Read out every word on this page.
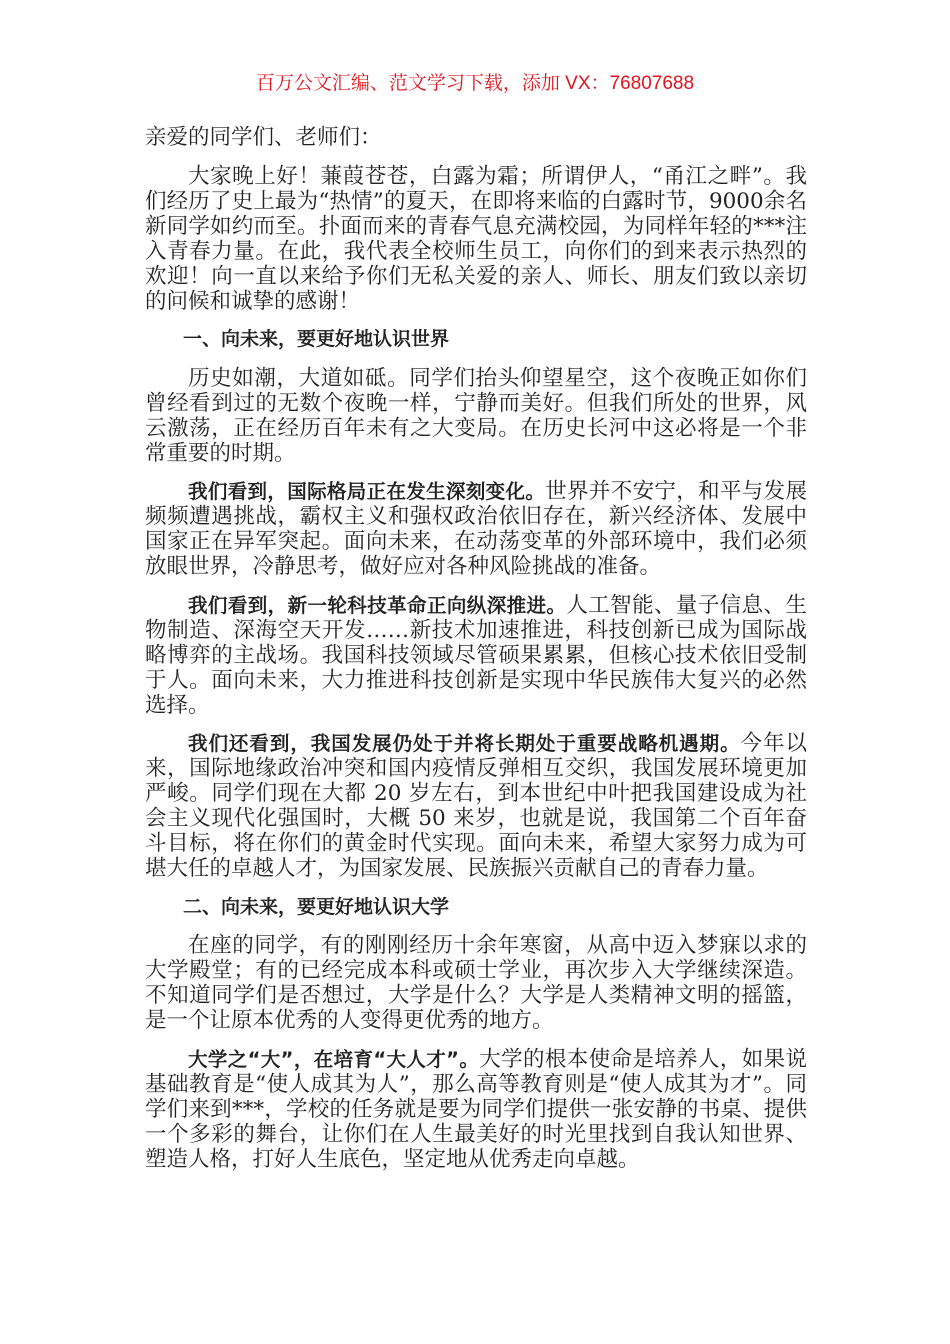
百万公文汇编、范文学习下载，添加 VX：76807688

亲爱的同学们、老师们：

大家晚上好！蒹葭苍苍，白露为霜；所谓伊人，“甬江之畔”。我们经历了史上最为“热情”的夏天，在即将来临的白露时节，9000余名新同学如约而至。扑面而来的青春气息充满校园，为同样年轻的***注入青春力量。在此，我代表全校师生员工，向你们的到来表示热烈的欢迎！向一直以来给予你们无私关爱的亲人、师长、朋友们致以亲切的问候和诚挚的感谢！

一、向未来，要更好地认识世界

历史如潮，大道如砥。同学们抬头仰望星空，这个夜晚正如你们曾经看到过的无数个夜晚一样，宁静而美好。但我们所处的世界，风云激荡，正在经历百年未有之大变局。在历史长河中这必将是一个非常重要的时期。

我们看到，国际格局正在发生深刻变化。世界并不安宁，和平与发展频频遭遇挑战，霸权主义和强权政治依旧存在，新兴经济体、发展中国家正在异军突起。面向未来，在动荡变革的外部环境中，我们必须放眼世界，冷静思考，做好应对各种风险挑战的准备。

我们看到，新一轮科技革命正向纵深推进。人工智能、量子信息、生物制造、深海空天开发……新技术加速推进，科技创新已成为国际战略博弈的主战场。我国科技领域尽管硕果累累，但核心技术依旧受制于人。面向未来，大力推进科技创新是实现中华民族伟大复兴的必然选择。

我们还看到，我国发展仍处于并将长期处于重要战略机遇期。今年以来，国际地缘政治冲突和国内疫情反弹相互交织，我国发展环境更加严峻。同学们现在大都 20 岁左右，到本世纪中叶把我国建设成为社会主义现代化强国时，大概 50 来岁，也就是说，我国第二个百年奋斗目标，将在你们的黄金时代实现。面向未来，希望大家努力成为可堪大任的卓越人才，为国家发展、民族振兴贡献自己的青春力量。

二、向未来，要更好地认识大学

在座的同学，有的刚刚经历十余年寒窗，从高中迈入梦寐以求的大学殿堂；有的已经完成本科或硕士学业，再次步入大学继续深造。不知道同学们是否想过，大学是什么？大学是人类精神文明的摇篮，是一个让原本优秀的人变得更优秀的地方。

大学之“大”，在培育“大人才”。大学的根本使命是培养人，如果说基础教育是“使人成其为人”，那么高等教育则是“使人成其为才”。同学们来到***，学校的任务就是要为同学们提供一张安静的书桌、提供一个多彩的舞台，让你们在人生最美好的时光里找到自我认知世界、塑造人格，打好人生底色，坚定地从优秀走向卓越。
